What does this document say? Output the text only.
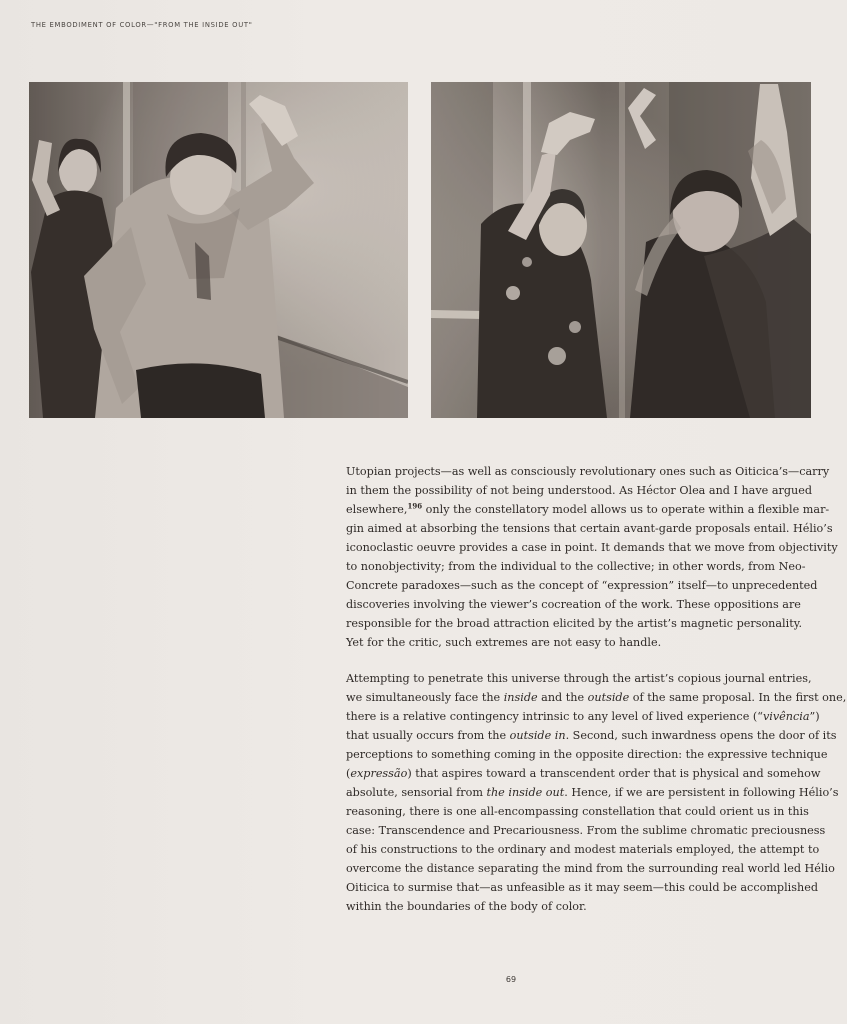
THE EMBODIMENT OF COLOR—"FROM THE INSIDE OUT"
Utopian projects—as well as consciously revolutionary ones such as Oiticica’s—carry
in them the possibility of not being understood. As Héctor Olea and I have argued
elsewhere,$^{196}$ only the constellatory model allows us to operate within a flexible mar-
gin aimed at absorbing the tensions that certain avant-garde proposals entail. Hélio’s
iconoclastic oeuvre provides a case in point. It demands that we move from objectivity
to nonobjectivity; from the individual to the collective; in other words, from Neo-
Concrete paradoxes—such as the concept of “expression” itself—to unprecedented
discoveries involving the viewer’s cocreation of the work. These oppositions are
responsible for the broad attraction elicited by the artist’s magnetic personality.
Yet for the critic, such extremes are not easy to handle.
Attempting to penetrate this universe through the artist’s copious journal entries,
we simultaneously face the inside and the outside of the same proposal. In the first one,
there is a relative contingency intrinsic to any level of lived experience (“vivência”)
that usually occurs from the outside in. Second, such inwardness opens the door of its
perceptions to something coming in the opposite direction: the expressive technique
(expressão) that aspires toward a transcendent order that is physical and somehow
absolute, sensorial from the inside out. Hence, if we are persistent in following Hélio’s
reasoning, there is one all-encompassing constellation that could orient us in this
case: Transcendence and Precariousness. From the sublime chromatic preciousness
of his constructions to the ordinary and modest materials employed, the attempt to
overcome the distance separating the mind from the surrounding real world led Hélio
Oiticica to surmise that—as unfeasible as it may seem—this could be accomplished
within the boundaries of the body of color.
69
